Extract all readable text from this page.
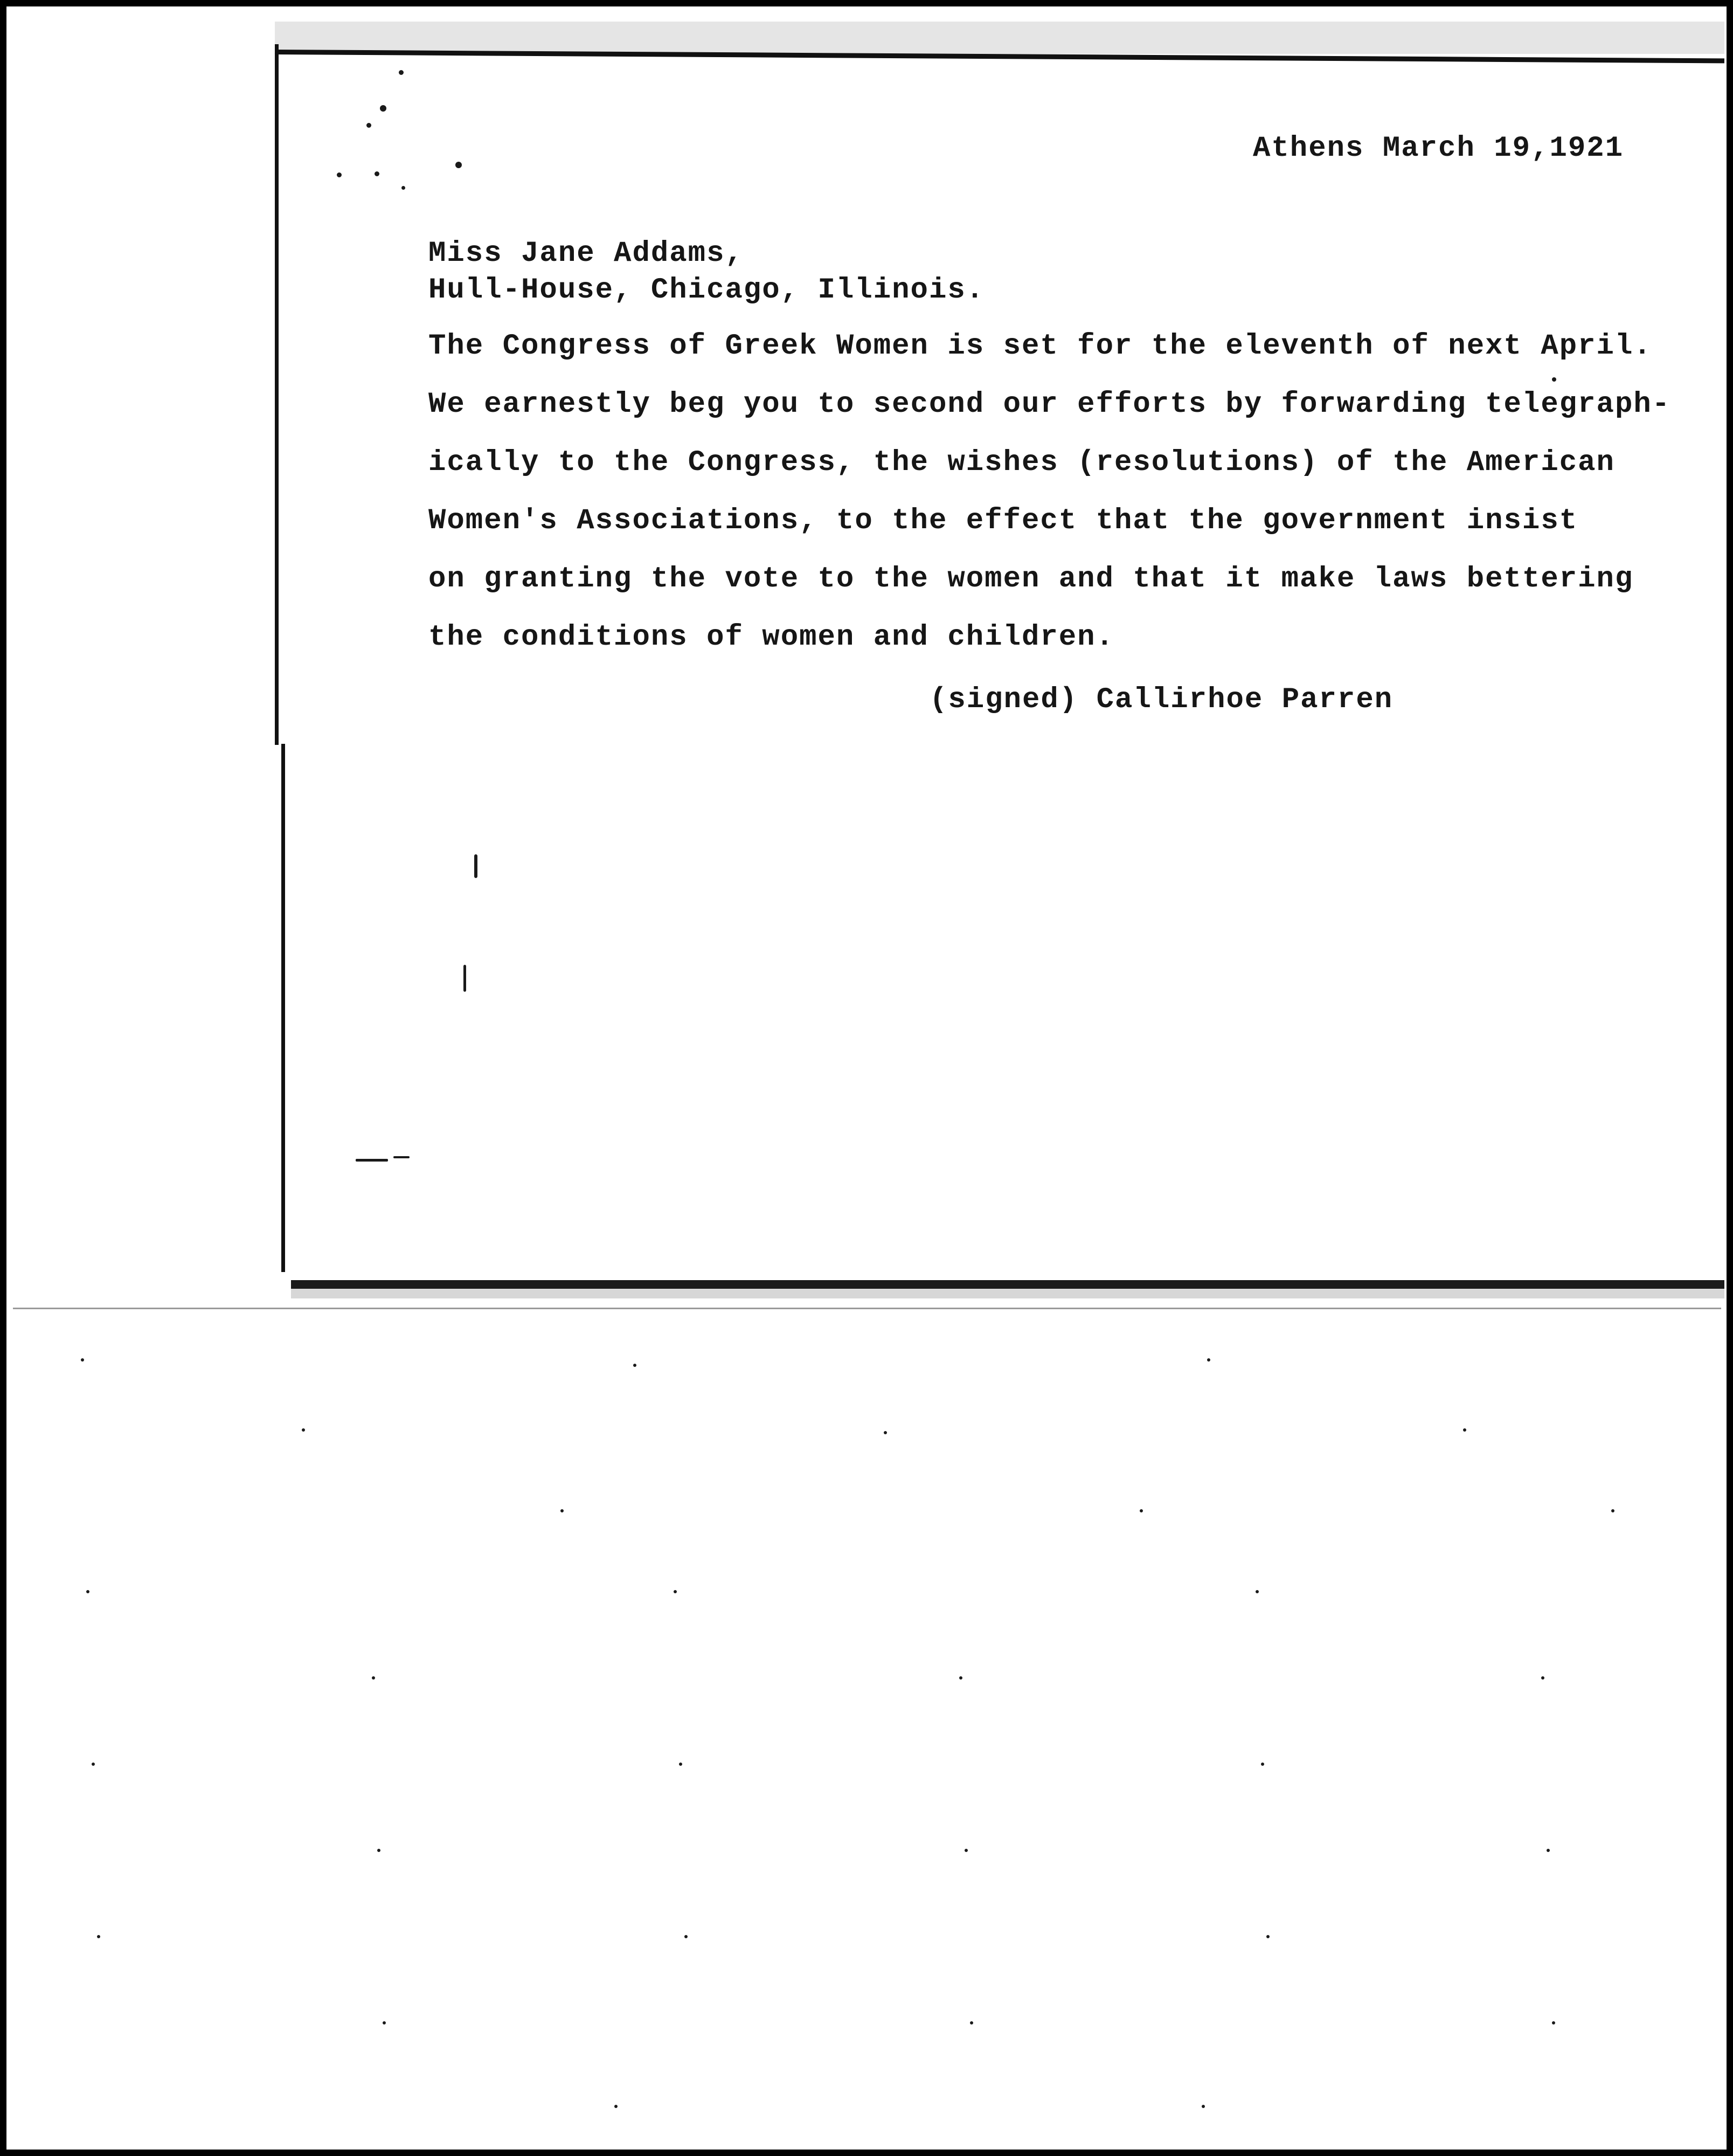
Athens March 19,1921
Miss Jane Addams,
Hull-House, Chicago, Illinois.
The Congress of Greek Women is set for the eleventh of next April.
We earnestly beg you to second our efforts by forwarding telegraph-
ically to the Congress, the wishes (resolutions) of the American
Women's Associations, to the effect that the government insist
on granting the vote to the women and that it make laws bettering
the conditions of women and children.
(signed) Callirhoe Parren
